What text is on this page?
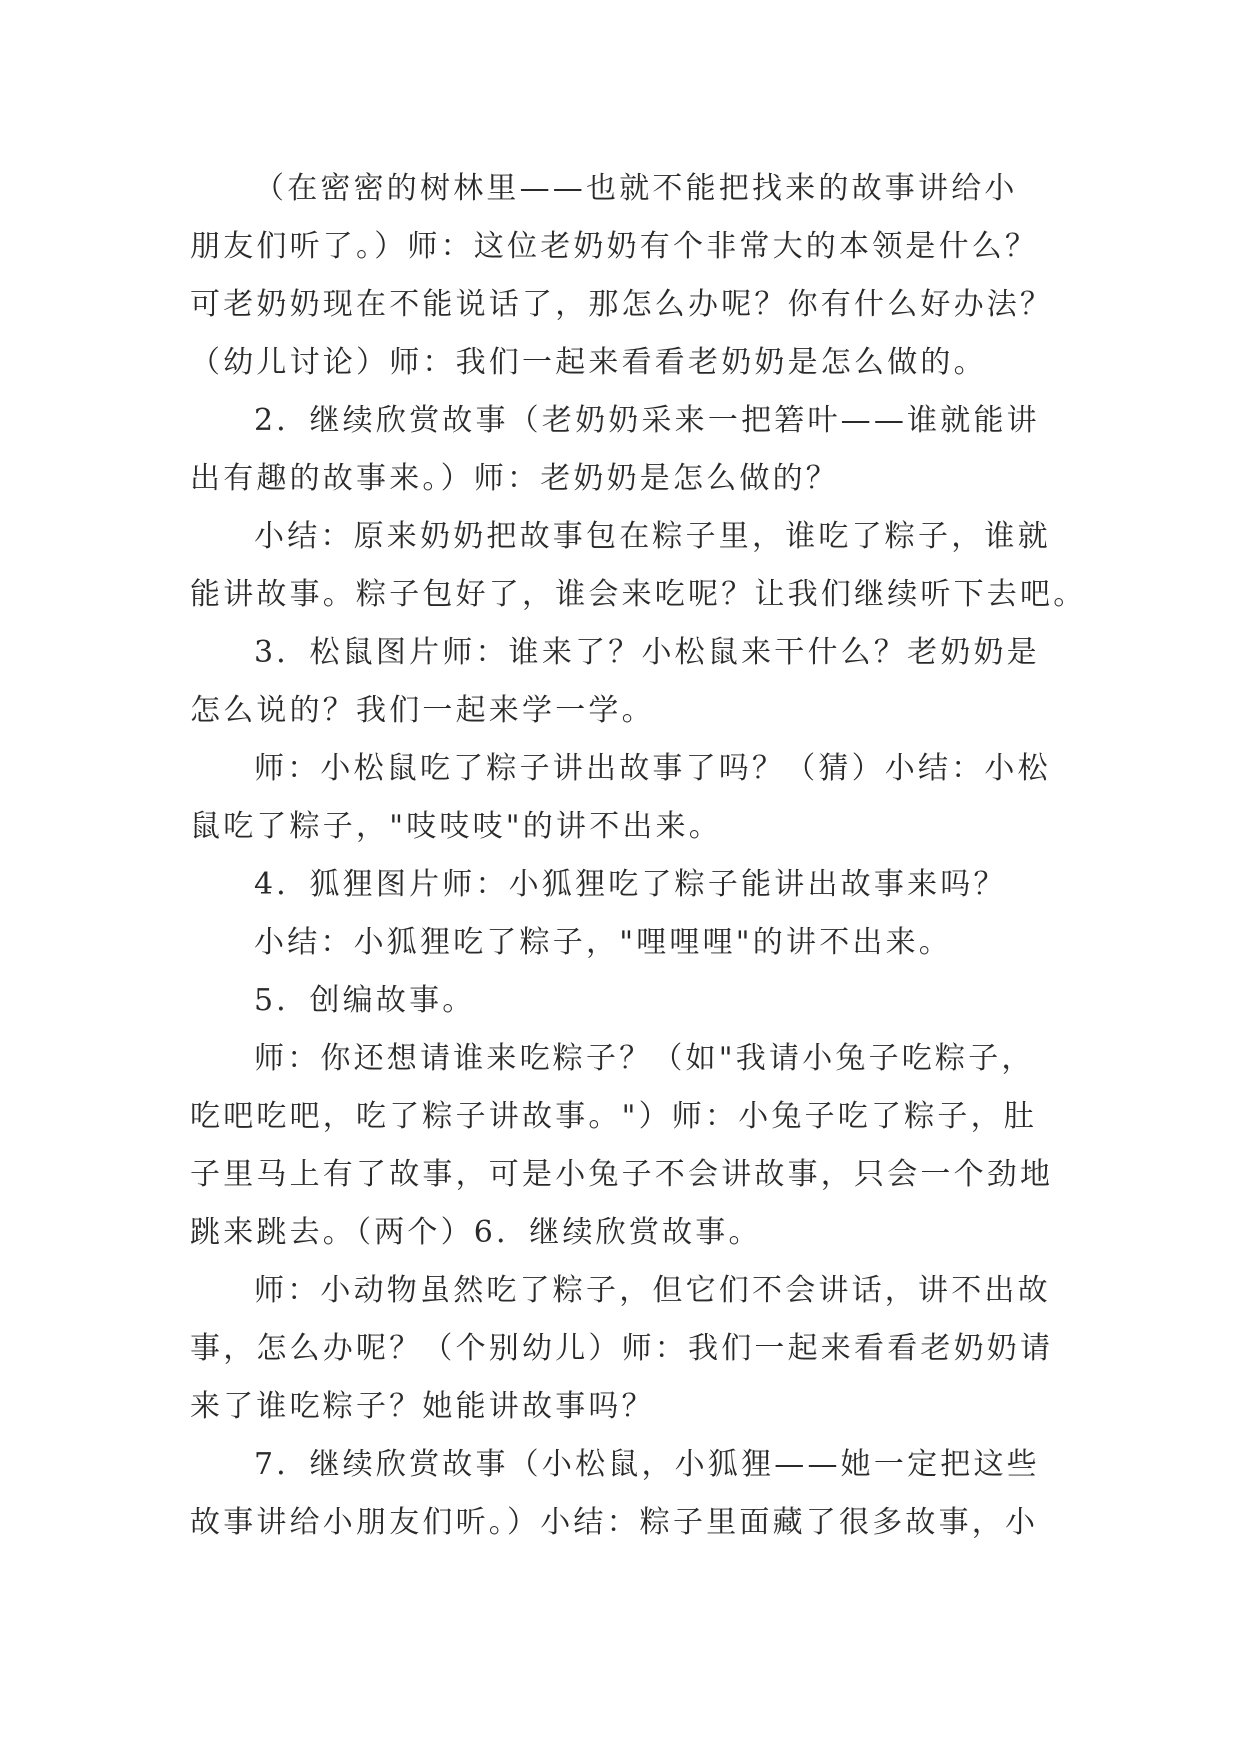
（在密密的树林里——也就不能把找来的故事讲给小
朋友们听了。）师：这位老奶奶有个非常大的本领是什么？
可老奶奶现在不能说话了，那怎么办呢？你有什么好办法？
（幼儿讨论）师：我们一起来看看老奶奶是怎么做的。
2．继续欣赏故事（老奶奶采来一把箬叶——谁就能讲
出有趣的故事来。）师：老奶奶是怎么做的？
小结：原来奶奶把故事包在粽子里，谁吃了粽子，谁就
能讲故事。粽子包好了，谁会来吃呢？让我们继续听下去吧。
3．松鼠图片师：谁来了？小松鼠来干什么？老奶奶是
怎么说的？我们一起来学一学。
师：小松鼠吃了粽子讲出故事了吗？（猜）小结：小松
鼠吃了粽子，"吱吱吱"的讲不出来。
4．狐狸图片师：小狐狸吃了粽子能讲出故事来吗？
小结：小狐狸吃了粽子，"哩哩哩"的讲不出来。
5．创编故事。
师：你还想请谁来吃粽子？（如"我请小兔子吃粽子，
吃吧吃吧，吃了粽子讲故事。"）师：小兔子吃了粽子，肚
子里马上有了故事，可是小兔子不会讲故事，只会一个劲地
跳来跳去。（两个）6．继续欣赏故事。
师：小动物虽然吃了粽子，但它们不会讲话，讲不出故
事，怎么办呢？（个别幼儿）师：我们一起来看看老奶奶请
来了谁吃粽子？她能讲故事吗？
7．继续欣赏故事（小松鼠，小狐狸——她一定把这些
故事讲给小朋友们听。）小结：粽子里面藏了很多故事，小
